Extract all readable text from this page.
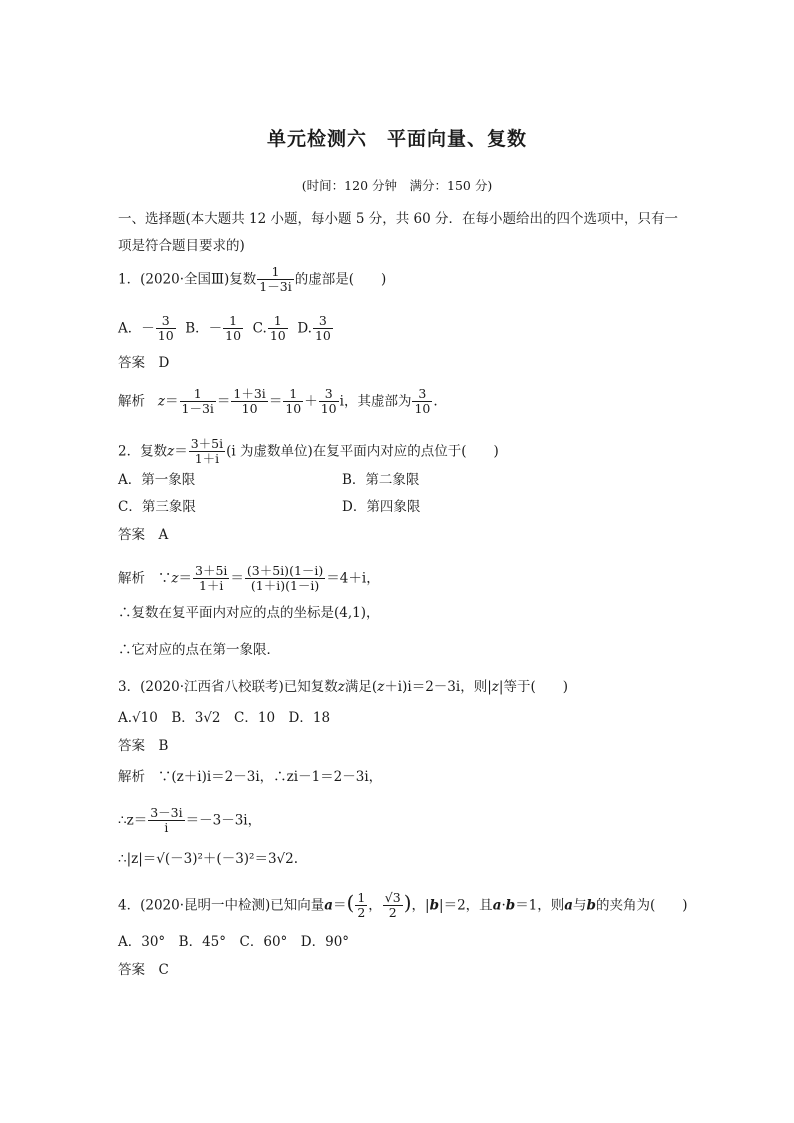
单元检测六　平面向量、复数
(时间：120 分钟　满分：150 分)
一、选择题(本大题共 12 小题，每小题 5 分，共 60 分．在每小题给出的四个选项中，只有一
项是符合题目要求的)
1．(2020·全国Ⅲ)复数 $\frac{1}{1-3i}$ 的虚部是(　　)
A．－ $\frac{3}{10}$ B．－ $\frac{1}{10} C$. $\frac{1}{10} D$. $\frac{3}{10}$
答案　D
解析 $z= \frac{1}{1-3i} = \frac{1+3i}{10} = \frac{1}{10} + \frac{3}{10}$ i，其虚部为 $\frac{3}{10}$ .
2．复数$z= \frac{3+5i}{1+i} (i$ 为虚数单位)在复平面内对应的点位于(　　)
A．第一象限	B．第二象限
C．第三象限	D．第四象限
答案　A
解析 ∵z＝ $\frac{3+5i}{1+i} = \frac{(3+5i)(1-i)}{(1+i)(1-i)} =4+i$，
∴复数在复平面内对应的点的坐标是(4,1)，
∴它对应的点在第一象限．
3．(2020·江西省八校联考)已知复数z满足(z＋i)i＝2－3i，则|z|等于(　　)
A.√10　B．3√2　C．10　D．18
答案　B
解析 ∵(z＋i)i＝2－3i，∴zi－1＝2－3i，
∴z＝ $\frac{3-3i}{i} =-3-3i$，
∴|z|＝√(－3)²＋(－3)²＝3√2.
4．(2020·昆明一中检测)已知向量$a=( \frac{1}{2}$ ， $\frac{√3}{2}$ )，|b|＝2，且a·b＝1，则a与b的夹角为(　　)
A．30°　B．45°　C．60°　D．90°
答案　C
